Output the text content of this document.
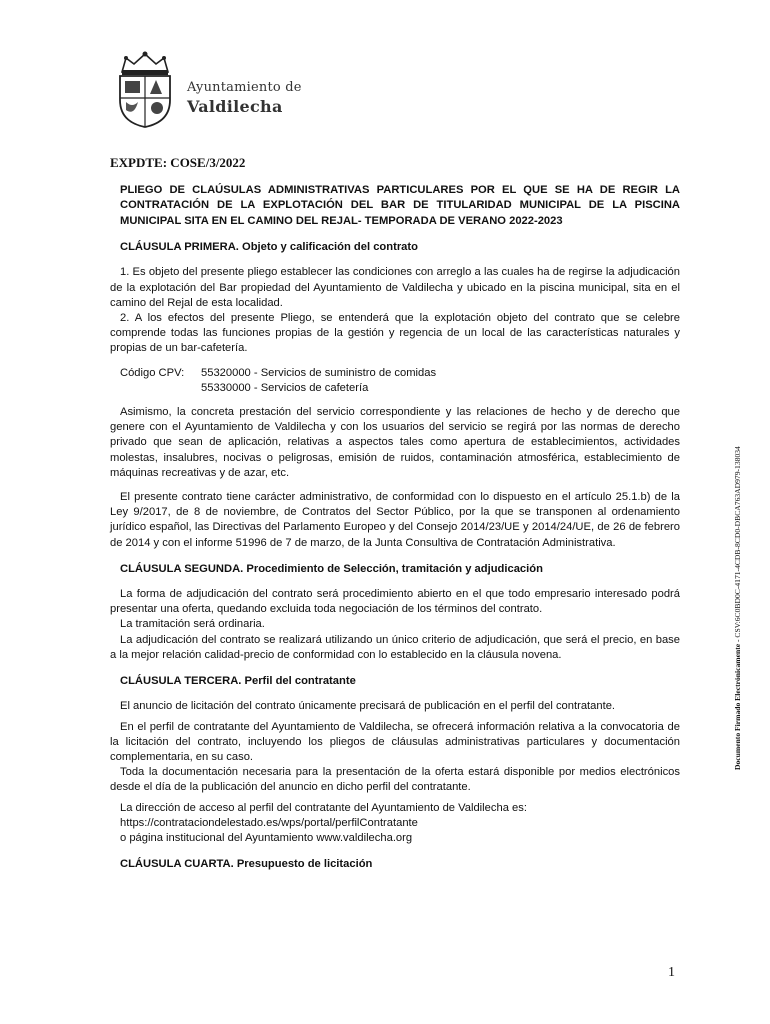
Ayuntamiento de
Valdilecha
EXPDTE: COSE/3/2022
PLIEGO DE CLAÚSULAS ADMINISTRATIVAS PARTICULARES POR EL QUE SE HA DE REGIR LA CONTRATACIÓN DE LA EXPLOTACIÓN DEL BAR DE TITULARIDAD MUNICIPAL DE LA PISCINA MUNICIPAL SITA EN EL CAMINO DEL REJAL- TEMPORADA DE VERANO 2022-2023
CLÁUSULA PRIMERA. Objeto y calificación del contrato

1. Es objeto del presente pliego establecer las condiciones con arreglo a las cuales ha de regirse la adjudicación de la explotación del Bar propiedad del Ayuntamiento de Valdilecha y ubicado en la piscina municipal, sita en el camino del Rejal de esta localidad.

2. A los efectos del presente Pliego, se entenderá que la explotación objeto del contrato que se celebre comprende todas las funciones propias de la gestión y regencia de un local de las características naturales y propias de un bar-cafetería.

Código CPV:	55320000 - Servicios de suministro de comidas
55330000 - Servicios de cafetería

Asimismo, la concreta prestación del servicio correspondiente y las relaciones de hecho y de derecho que genere con el Ayuntamiento de Valdilecha y con los usuarios del servicio se regirá por las normas de derecho privado que sean de aplicación, relativas a aspectos tales como apertura de establecimientos, actividades molestas, insalubres, nocivas o peligrosas, emisión de ruidos, contaminación atmosférica, establecimiento de máquinas recreativas y de azar, etc.

El presente contrato tiene carácter administrativo, de conformidad con lo dispuesto en el artículo 25.1.b) de la Ley 9/2017, de 8 de noviembre, de Contratos del Sector Público, por la que se transponen al ordenamiento jurídico español, las Directivas del Parlamento Europeo y del Consejo 2014/23/UE y 2014/24/UE, de 26 de febrero de 2014 y con el informe 51996 de 7 de marzo, de la Junta Consultiva de Contratación Administrativa.

CLÁUSULA SEGUNDA. Procedimiento de Selección, tramitación y adjudicación

La forma de adjudicación del contrato será procedimiento abierto en el que todo empresario interesado podrá presentar una oferta, quedando excluida toda negociación de los términos del contrato.

La tramitación será ordinaria.

La adjudicación del contrato se realizará utilizando un único criterio de adjudicación, que será el precio, en base a la mejor relación calidad-precio de conformidad con lo establecido en la cláusula novena.

CLÁUSULA TERCERA. Perfil del contratante

El anuncio de licitación del contrato únicamente precisará de publicación en el perfil del contratante.

En el perfil de contratante del Ayuntamiento de Valdilecha, se ofrecerá información relativa a la convocatoria de la licitación del contrato, incluyendo los pliegos de cláusulas administrativas particulares y documentación complementaria, en su caso.

Toda la documentación necesaria para la presentación de la oferta estará disponible por medios electrónicos desde el día de la publicación del anuncio en dicho perfil del contratante.

La dirección de acceso al perfil del contratante del Ayuntamiento de Valdilecha es:
https://contrataciondelestado.es/wps/portal/perfilContratante
o página institucional del Ayuntamiento www.valdilecha.org
CLÁUSULA CUARTA. Presupuesto de licitación
Documento Firmado Electrónicamente - CSV:6C0BD0C-4171-4CDB-8CD0-DBCA763AD979-138034
1
